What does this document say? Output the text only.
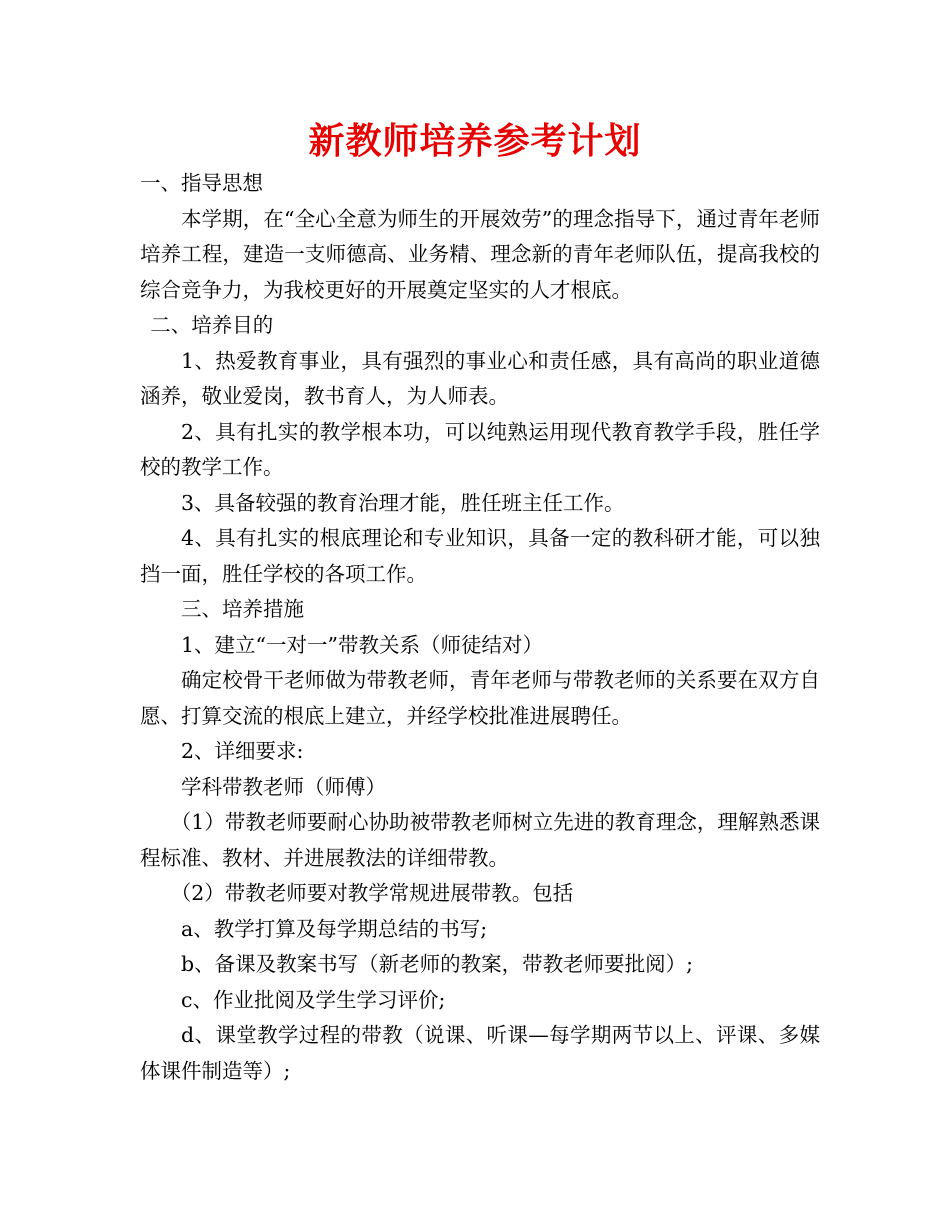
新教师培养参考计划

一、指导思想

本学期，在“全心全意为师生的开展效劳”的理念指导下，通过青年老师培养工程，建造一支师德高、业务精、理念新的青年老师队伍，提高我校的综合竞争力，为我校更好的开展奠定坚实的人才根底。

二、培养目的

1、热爱教育事业，具有强烈的事业心和责任感，具有高尚的职业道德涵养，敬业爱岗，教书育人，为人师表。

2、具有扎实的教学根本功，可以纯熟运用现代教育教学手段，胜任学校的教学工作。

3、具备较强的教育治理才能，胜任班主任工作。

4、具有扎实的根底理论和专业知识，具备一定的教科研才能，可以独挡一面，胜任学校的各项工作。

三、培养措施

1、建立“一对一”带教关系（师徒结对）

确定校骨干老师做为带教老师，青年老师与带教老师的关系要在双方自愿、打算交流的根底上建立，并经学校批准进展聘任。

2、详细要求:

学科带教老师（师傅）

（1）带教老师要耐心协助被带教老师树立先进的教育理念，理解熟悉课程标准、教材、并进展教法的详细带教。

（2）带教老师要对教学常规进展带教。包括

a、教学打算及每学期总结的书写;

b、备课及教案书写（新老师的教案，带教老师要批阅）;

c、作业批阅及学生学习评价;

d、课堂教学过程的带教（说课、听课—每学期两节以上、评课、多媒体课件制造等）;
